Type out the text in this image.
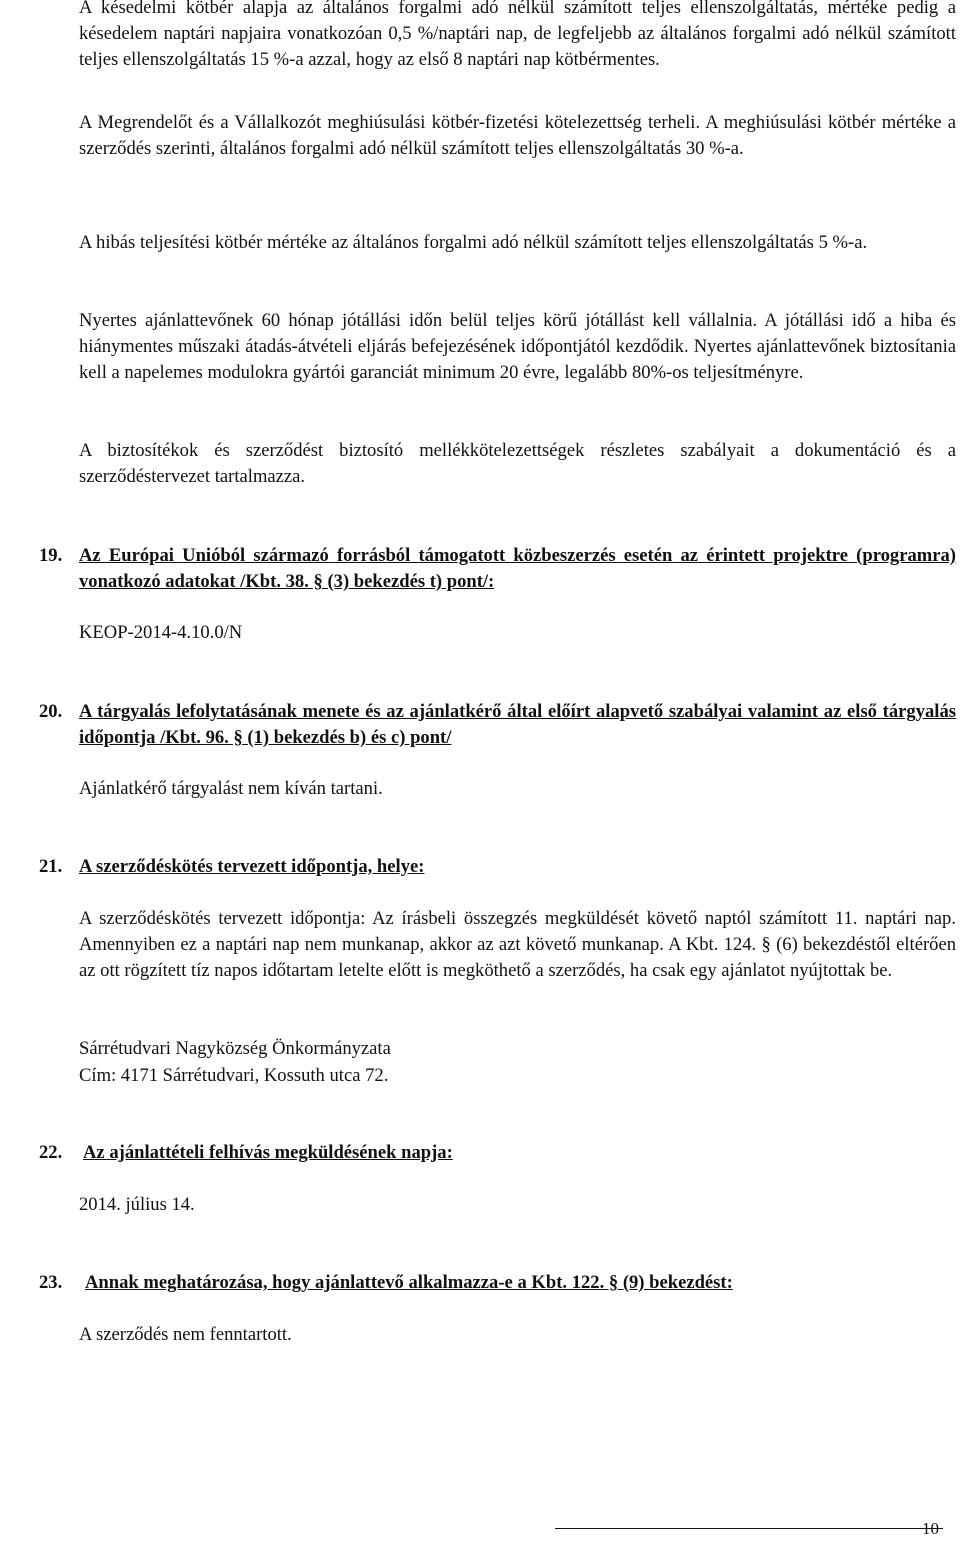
A késedelmi kötbér alapja az általános forgalmi adó nélkül számított teljes ellenszolgáltatás, mértéke pedig a késedelem naptári napjaira vonatkozóan 0,5 %/naptári nap, de legfeljebb az általános forgalmi adó nélkül számított teljes ellenszolgáltatás 15 %-a azzal, hogy az első 8 naptári nap kötbérmentes.

A Megrendelőt és a Vállalkozót meghiúsulási kötbér-fizetési kötelezettség terheli. A meghiúsulási kötbér mértéke a szerződés szerinti, általános forgalmi adó nélkül számított teljes ellenszolgáltatás 30 %-a.

A hibás teljesítési kötbér mértéke az általános forgalmi adó nélkül számított teljes ellenszolgáltatás 5 %-a.

Nyertes ajánlattevőnek 60 hónap jótállási időn belül teljes körű jótállást kell vállalnia. A jótállási idő a hiba és hiánymentes műszaki átadás-átvételi eljárás befejezésének időpontjától kezdődik. Nyertes ajánlattevőnek biztosítania kell a napelemes modulokra gyártói garanciát minimum 20 évre, legalább 80%-os teljesítményre.

A biztosítékok és szerződést biztosító mellékkötelezettségek részletes szabályait a dokumentáció és a szerződéstervezet tartalmazza.

19. Az Európai Unióból származó forrásból támogatott közbeszerzés esetén az érintett projektre (programra) vonatkozó adatokat /Kbt. 38. § (3) bekezdés t) pont/:

KEOP-2014-4.10.0/N

20. A tárgyalás lefolytatásának menete és az ajánlatkérő által előírt alapvető szabályai valamint az első tárgyalás időpontja /Kbt. 96. § (1) bekezdés b) és c) pont/

Ajánlatkérő tárgyalást nem kíván tartani.

21. A szerződéskötés tervezett időpontja, helye:

A szerződéskötés tervezett időpontja: Az írásbeli összegzés megküldését követő naptól számított 11. naptári nap. Amennyiben ez a naptári nap nem munkanap, akkor az azt követő munkanap. A Kbt. 124. § (6) bekezdéstől eltérően az ott rögzített tíz napos időtartam letelte előtt is megköthető a szerződés, ha csak egy ajánlatot nyújtottak be.

Sárrétudvari Nagyközség Önkormányzata

Cím: 4171 Sárrétudvari, Kossuth utca 72.

22. Az ajánlattételi felhívás megküldésének napja:

2014. július 14.

23. Annak meghatározása, hogy ajánlattevő alkalmazza-e a Kbt. 122. § (9) bekezdést:

A szerződés nem fenntartott.

10
